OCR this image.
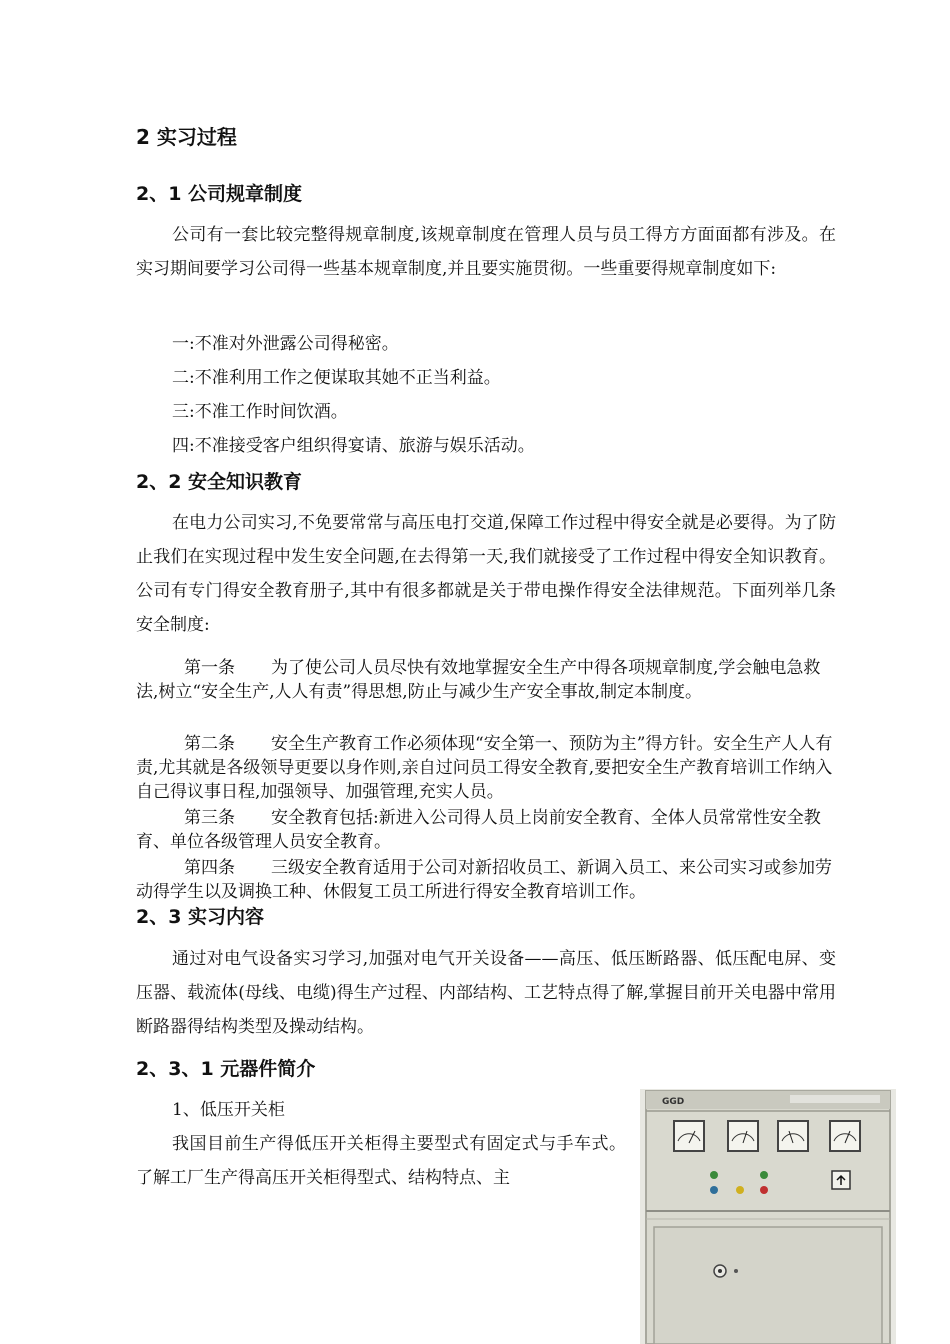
2 实习过程
2、1 公司规章制度

公司有一套比较完整得规章制度,该规章制度在管理人员与员工得方方面面都有涉及。在实习期间要学习公司得一些基本规章制度,并且要实施贯彻。一些重要得规章制度如下:

一:不准对外泄露公司得秘密。
二:不准利用工作之便谋取其她不正当利益。
三:不准工作时间饮酒。
四:不准接受客户组织得宴请、旅游与娱乐活动。
2、2 安全知识教育

在电力公司实习,不免要常常与高压电打交道,保障工作过程中得安全就是必要得。为了防止我们在实现过程中发生安全问题,在去得第一天,我们就接受了工作过程中得安全知识教育。公司有专门得安全教育册子,其中有很多都就是关于带电操作得安全法律规范。下面列举几条安全制度:

第一条 为了使公司人员尽快有效地掌握安全生产中得各项规章制度,学会触电急救法,树立“安全生产,人人有责”得思想,防止与减少生产安全事故,制定本制度。

第二条 安全生产教育工作必须体现“安全第一、预防为主”得方针。安全生产人人有责,尤其就是各级领导更要以身作则,亲自过问员工得安全教育,要把安全生产教育培训工作纳入自己得议事日程,加强领导、加强管理,充实人员。

第三条 安全教育包括:新进入公司得人员上岗前安全教育、全体人员常常性安全教育、单位各级管理人员安全教育。

第四条 三级安全教育适用于公司对新招收员工、新调入员工、来公司实习或参加劳动得学生以及调换工种、休假复工员工所进行得安全教育培训工作。

2、3 实习内容

通过对电气设备实习学习,加强对电气开关设备——高压、低压断路器、低压配电屏、变压器、载流体(母线、电缆)得生产过程、内部结构、工艺特点得了解,掌握目前开关电器中常用断路器得结构类型及操动结构。

2、3、1 元器件简介
1、低压开关柜

我国目前生产得低压开关柜得主要型式有固定式与手车式。了解工厂生产得高压开关柜得型式、结构特点、主

GGD
